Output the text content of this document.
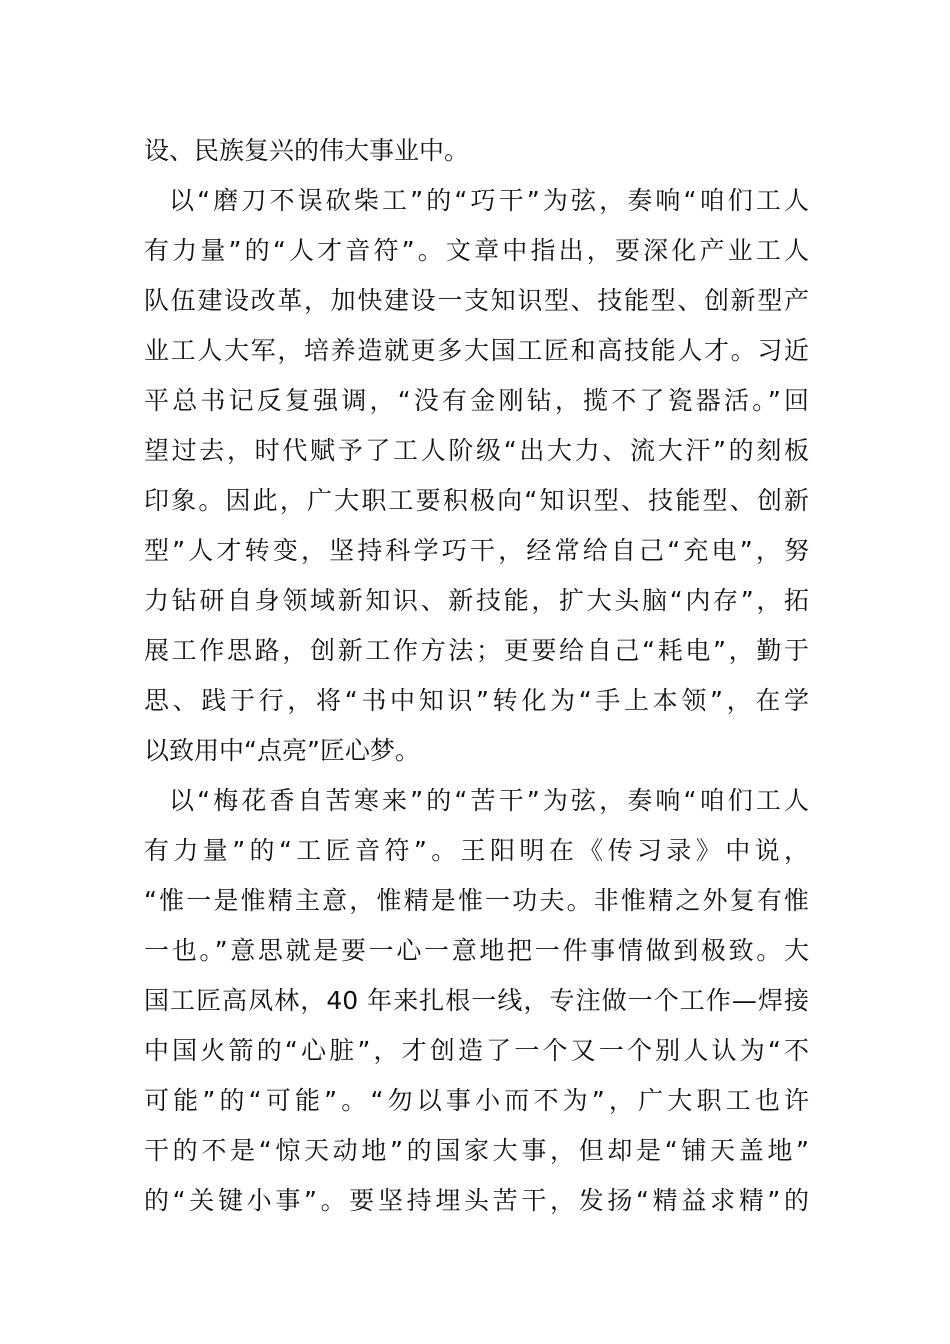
设、民族复兴的伟大事业中。
以“磨刀不误砍柴工”的“巧干”为弦，奏响“咱们工人
有力量”的“人才音符”。文章中指出，要深化产业工人
队伍建设改革，加快建设一支知识型、技能型、创新型产
业工人大军，培养造就更多大国工匠和高技能人才。习近
平总书记反复强调，“没有金刚钻，揽不了瓷器活。”回
望过去，时代赋予了工人阶级“出大力、流大汗”的刻板
印象。因此，广大职工要积极向“知识型、技能型、创新
型”人才转变，坚持科学巧干，经常给自己“充电”，努
力钻研自身领域新知识、新技能，扩大头脑“内存”，拓
展工作思路，创新工作方法；更要给自己“耗电”，勤于
思、践于行，将“书中知识”转化为“手上本领”，在学
以致用中“点亮”匠心梦。
以“梅花香自苦寒来”的“苦干”为弦，奏响“咱们工人
有力量”的“工匠音符”。王阳明在《传习录》中说，
“惟一是惟精主意，惟精是惟一功夫。非惟精之外复有惟
一也。”意思就是要一心一意地把一件事情做到极致。大
国工匠高凤林，40 年来扎根一线，专注做一个工作—焊接
中国火箭的“心脏”，才创造了一个又一个别人认为“不
可能”的“可能”。“勿以事小而不为”，广大职工也许
干的不是“惊天动地”的国家大事，但却是“铺天盖地”
的“关键小事”。要坚持埋头苦干，发扬“精益求精”的
